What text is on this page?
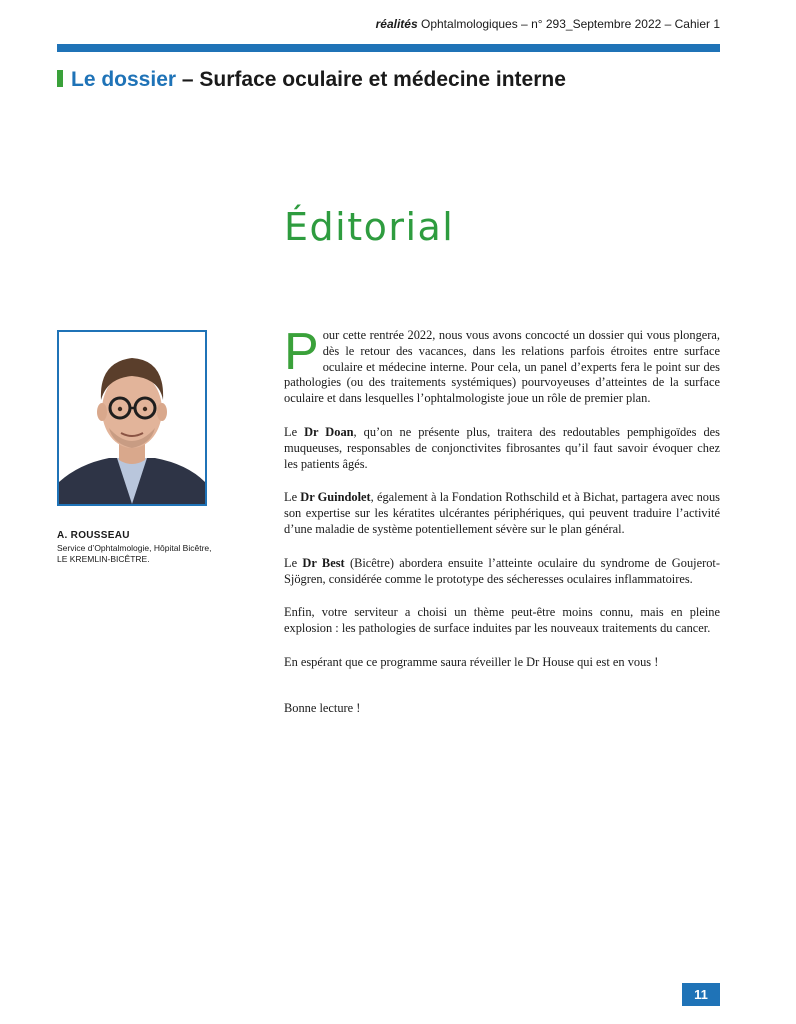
réalités Ophtalmologiques – n° 293_Septembre 2022 – Cahier 1
Le dossier – Surface oculaire et médecine interne
Éditorial
A. ROUSSEAU
Service d’Ophtalmologie, Hôpital Bicêtre,
LE KREMLIN-BICÊTRE.

Pour cette rentrée 2022, nous vous avons concocté un dossier qui vous plongera, dès le retour des vacances, dans les relations parfois étroites entre surface oculaire et médecine interne. Pour cela, un panel d’experts fera le point sur des pathologies (ou des traitements systémiques) pourvoyeuses d’atteintes de la surface oculaire et dans lesquelles l’ophtalmologiste joue un rôle de premier plan.

Le Dr Doan, qu’on ne présente plus, traitera des redoutables pemphigoïdes des muqueuses, responsables de conjonctivites fibrosantes qu’il faut savoir évoquer chez les patients âgés.

Le Dr Guindolet, également à la Fondation Rothschild et à Bichat, partagera avec nous son expertise sur les kératites ulcérantes périphériques, qui peuvent traduire l’activité d’une maladie de système potentiellement sévère sur le plan général.

Le Dr Best (Bicêtre) abordera ensuite l’atteinte oculaire du syndrome de Goujerot-Sjögren, considérée comme le prototype des sécheresses oculaires inflammatoires.

Enfin, votre serviteur a choisi un thème peut-être moins connu, mais en pleine explosion : les pathologies de surface induites par les nouveaux traitements du cancer.

En espérant que ce programme saura réveiller le Dr House qui est en vous !

Bonne lecture !

11
